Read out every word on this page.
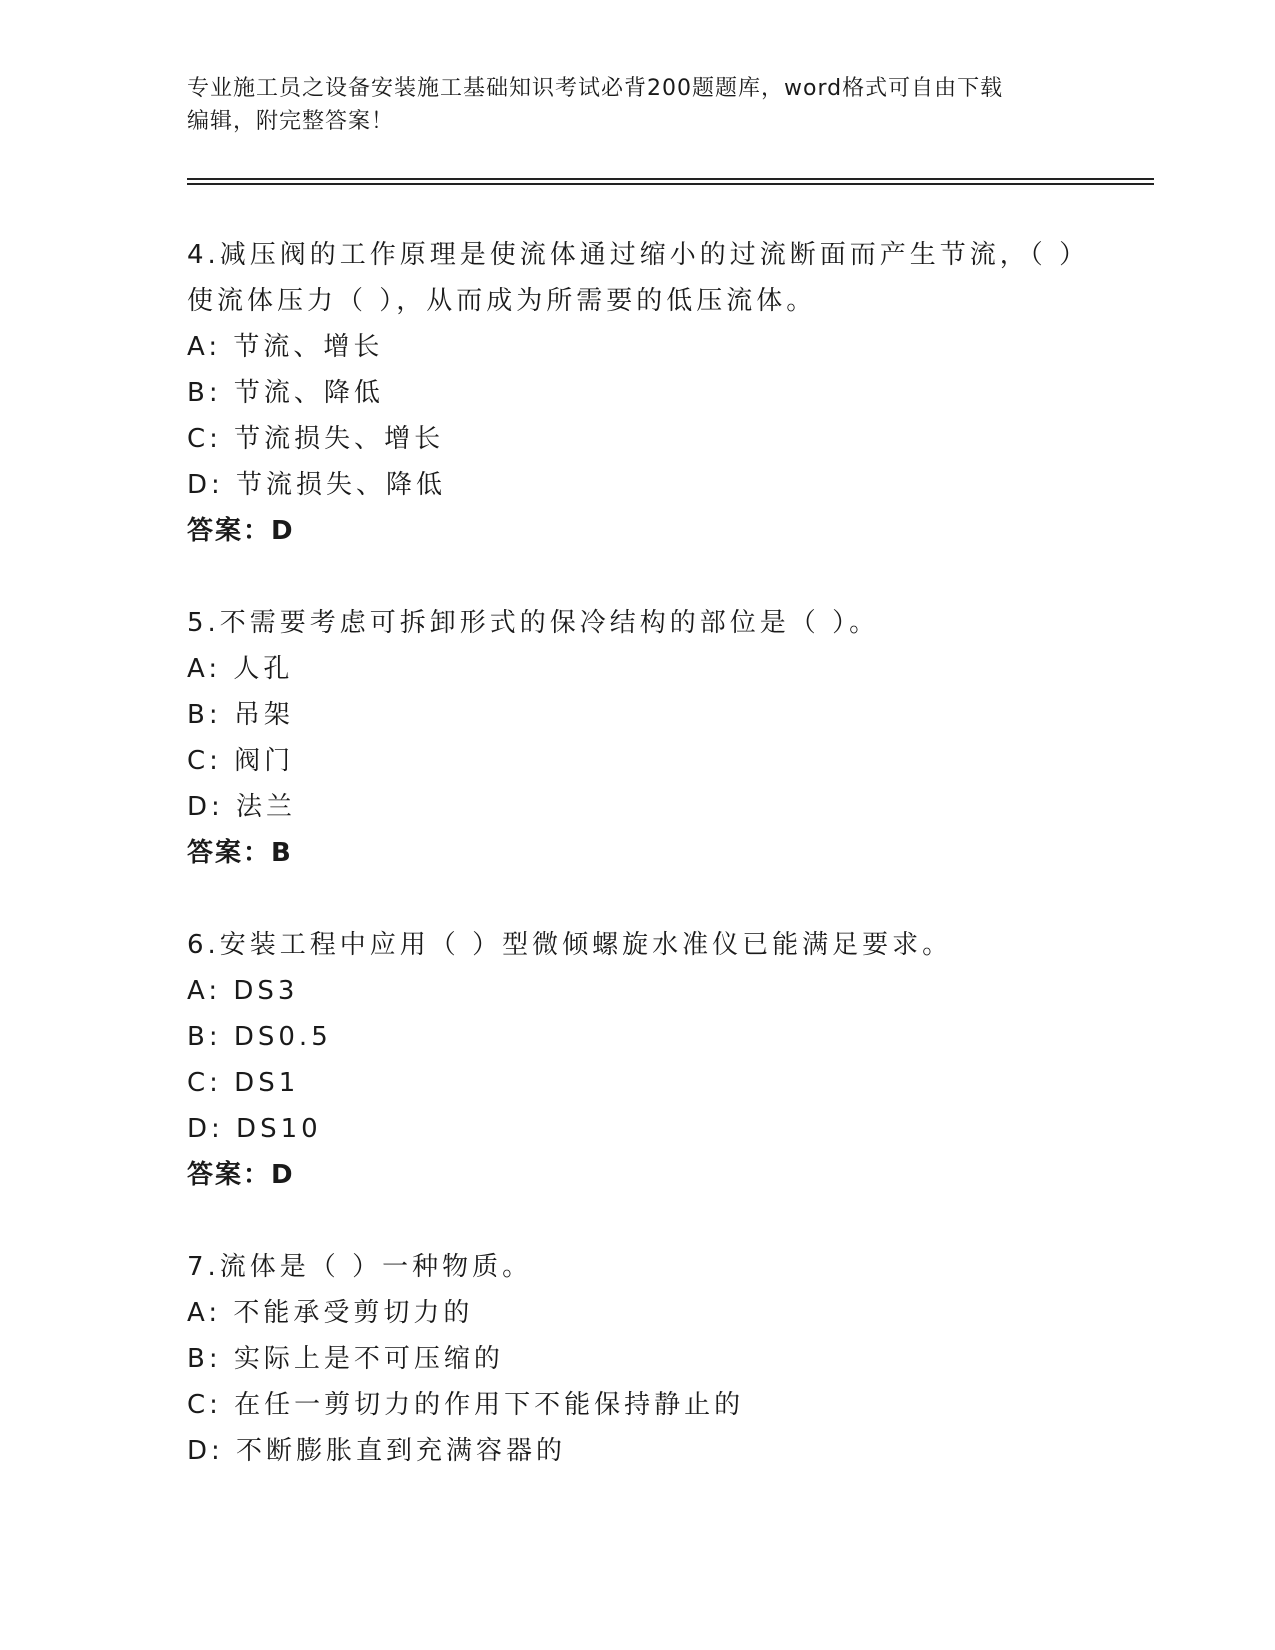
专业施工员之设备安装施工基础知识考试必背200题题库，word格式可自由下载
编辑，附完整答案！
4.减压阀的工作原理是使流体通过缩小的过流断面而产生节流，（ ）
使流体压力（ ），从而成为所需要的低压流体。
A: 节流、增长
B: 节流、降低
C: 节流损失、增长
D: 节流损失、降低
答案：D
5.不需要考虑可拆卸形式的保冷结构的部位是（ ）。
A: 人孔
B: 吊架
C: 阀门
D: 法兰
答案：B
6.安装工程中应用（ ）型微倾螺旋水准仪已能满足要求。
A: DS3
B: DS0.5
C: DS1
D: DS10
答案：D
7.流体是（ ）一种物质。
A: 不能承受剪切力的
B: 实际上是不可压缩的
C: 在任一剪切力的作用下不能保持静止的
D: 不断膨胀直到充满容器的
